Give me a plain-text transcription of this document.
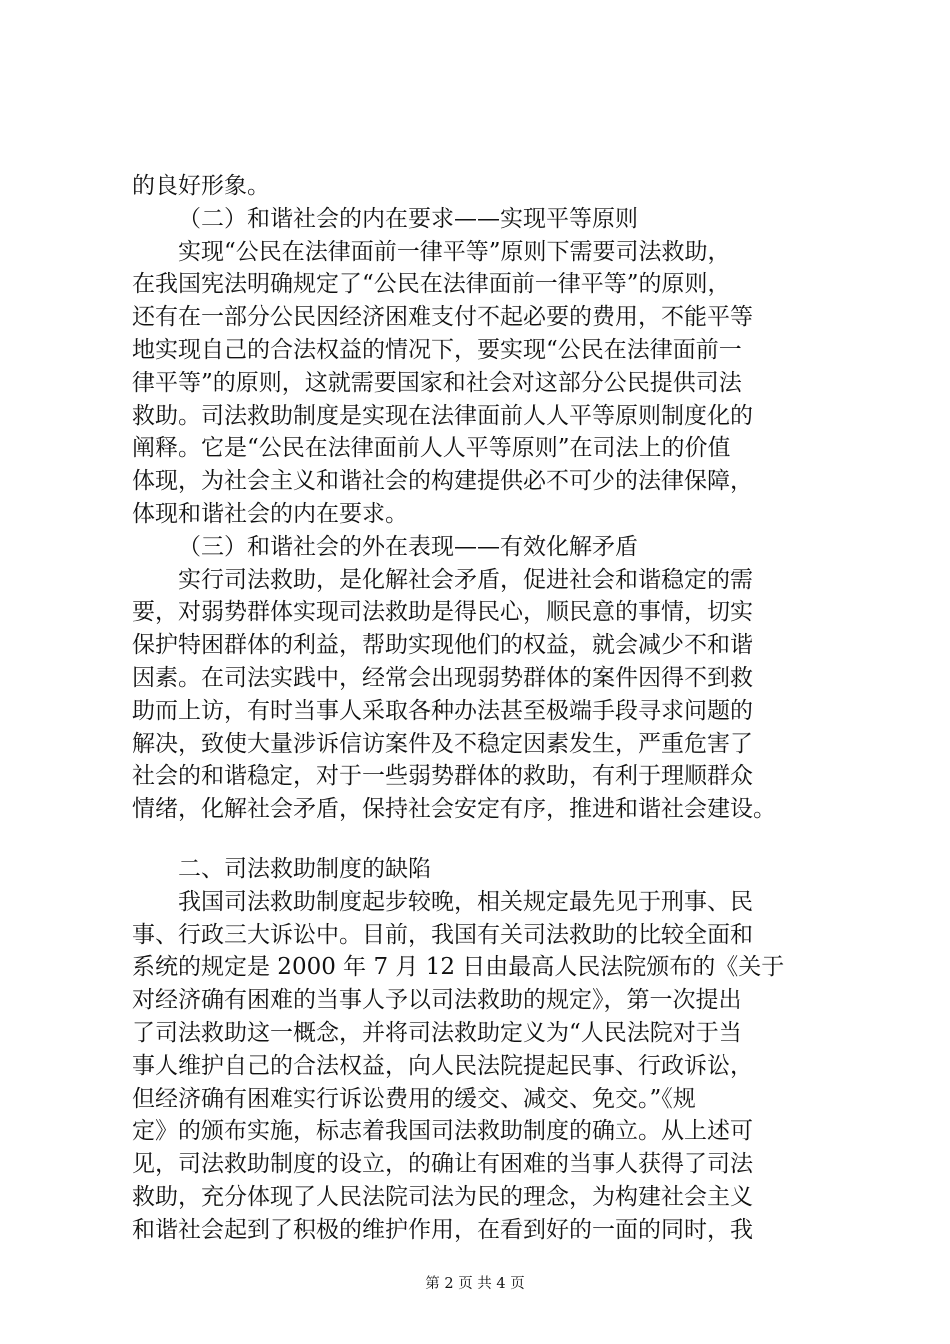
的良好形象。
（二）和谐社会的内在要求——实现平等原则
实现“公民在法律面前一律平等”原则下需要司法救助，
在我国宪法明确规定了“公民在法律面前一律平等”的原则，
还有在一部分公民因经济困难支付不起必要的费用，不能平等
地实现自己的合法权益的情况下，要实现“公民在法律面前一
律平等”的原则，这就需要国家和社会对这部分公民提供司法
救助。司法救助制度是实现在法律面前人人平等原则制度化的
阐释。它是“公民在法律面前人人平等原则”在司法上的价值
体现，为社会主义和谐社会的构建提供必不可少的法律保障，
体现和谐社会的内在要求。
（三）和谐社会的外在表现——有效化解矛盾
实行司法救助，是化解社会矛盾，促进社会和谐稳定的需
要，对弱势群体实现司法救助是得民心，顺民意的事情，切实
保护特困群体的利益，帮助实现他们的权益，就会减少不和谐
因素。在司法实践中，经常会出现弱势群体的案件因得不到救
助而上访，有时当事人采取各种办法甚至极端手段寻求问题的
解决，致使大量涉诉信访案件及不稳定因素发生，严重危害了
社会的和谐稳定，对于一些弱势群体的救助，有利于理顺群众
情绪，化解社会矛盾，保持社会安定有序，推进和谐社会建设。
二、司法救助制度的缺陷
我国司法救助制度起步较晚，相关规定最先见于刑事、民
事、行政三大诉讼中。目前，我国有关司法救助的比较全面和
系统的规定是 2000 年 7 月 12 日由最高人民法院颁布的《关于
对经济确有困难的当事人予以司法救助的规定》，第一次提出
了司法救助这一概念，并将司法救助定义为“人民法院对于当
事人维护自己的合法权益，向人民法院提起民事、行政诉讼，
但经济确有困难实行诉讼费用的缓交、减交、免交。”《规
定》的颁布实施，标志着我国司法救助制度的确立。从上述可
见，司法救助制度的设立，的确让有困难的当事人获得了司法
救助，充分体现了人民法院司法为民的理念，为构建社会主义
和谐社会起到了积极的维护作用，在看到好的一面的同时，我
第 2 页 共 4 页
